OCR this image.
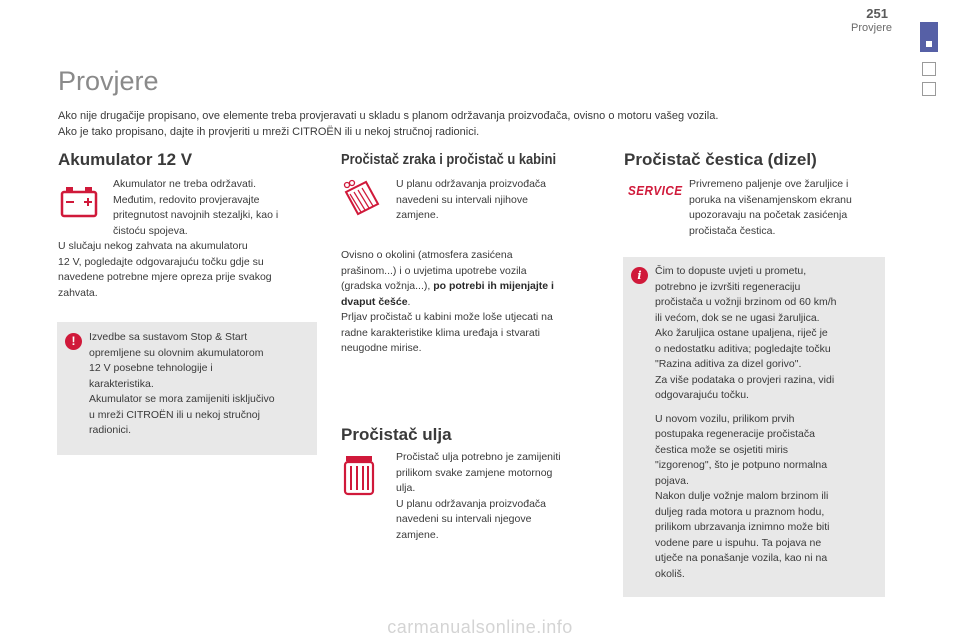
251
Provjere
Provjere
Ako nije drugačije propisano, ove elemente treba provjeravati u skladu s planom održavanja proizvođača, ovisno o motoru vašeg vozila.
Ako je tako propisano, dajte ih provjeriti u mreži CITROËN ili u nekoj stručnoj radionici.
Akumulator 12 V
Akumulator ne treba održavati.
Međutim, redovito provjeravajte
pritegnutost navojnih stezaljki, kao i
čistoću spojeva.
U slučaju nekog zahvata na akumulatoru
12 V, pogledajte odgovarajuću točku gdje su
navedene potrebne mjere opreza prije svakog
zahvata.
!	Izvedbe sa sustavom Stop & Start
opremljene su olovnim akumulatorom
12 V posebne tehnologije i
karakteristika.
Akumulator se mora zamijeniti isključivo
u mreži CITROËN ili u nekoj stručnoj
radionici.
Pročistač zraka i pročistač u kabini
U planu održavanja proizvođača
navedeni su intervali njihove
zamjene.
Ovisno o okolini (atmosfera zasićena
prašinom...) i o uvjetima upotrebe vozila
(gradska vožnja...), po potrebi ih mijenjajte i
dvaput češće.
Prljav pročistač u kabini može loše utjecati na
radne karakteristike klima uređaja i stvarati
neugodne mirise.
Pročistač ulja
Pročistač ulja potrebno je zamijeniti
prilikom svake zamjene motornog
ulja.
U planu održavanja proizvođača
navedeni su intervali njegove
zamjene.
Pročistač čestica (dizel)
SERVICE Privremeno paljenje ove žaruljice i
poruka na višenamjenskom ekranu
upozoravaju na početak zasićenja
pročistača čestica.
i	Čim to dopuste uvjeti u prometu,
potrebno je izvršiti regeneraciju
pročistača u vožnji brzinom od 60 km/h
ili većom, dok se ne ugasi žaruljica.
Ako žaruljica ostane upaljena, riječ je
o nedostatku aditiva; pogledajte točku
"Razina aditiva za dizel gorivo".
Za više podataka o provjeri razina, vidi
odgovarajuću točku.
U novom vozilu, prilikom prvih
postupaka regeneracije pročistača
čestica može se osjetiti miris
"izgorenog", što je potpuno normalna
pojava.
Nakon dulje vožnje malom brzinom ili
duljeg rada motora u praznom hodu,
prilikom ubrzavanja iznimno može biti
vodene pare u ispuhu. Ta pojava ne
utječe na ponašanje vozila, kao ni na
okoliš.
carmanualsonline.info
